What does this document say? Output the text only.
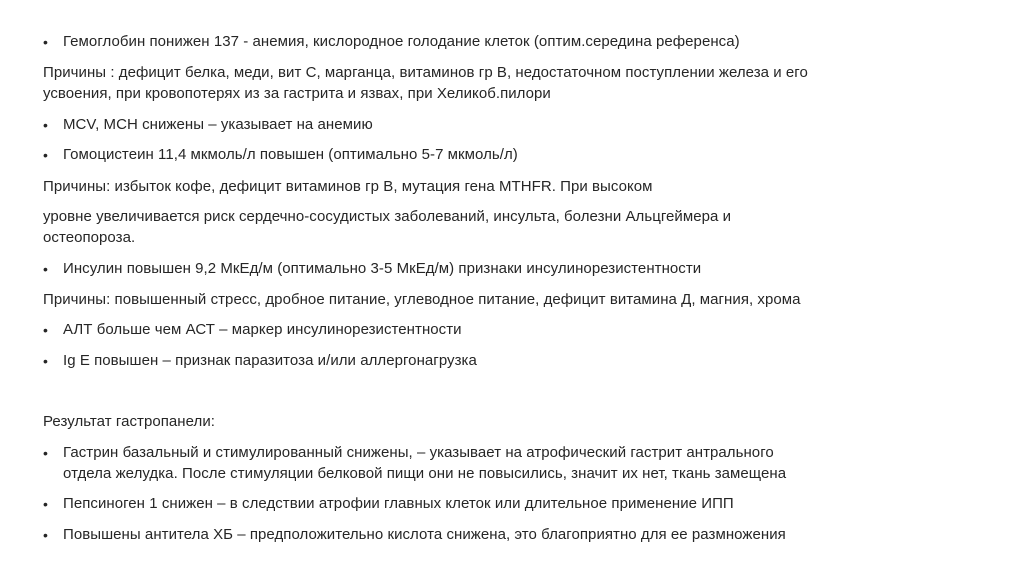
• Гемоглобин понижен 137 - анемия, кислородное голодание клеток (оптим.середина референса)
Причины : дефицит белка, меди, вит С, марганца, витаминов гр В, недостаточном поступлении железа и его
усвоения, при кровопотерях из за гастрита и язвах, при Хеликоб.пилори
• MCV, MCH снижены – указывает на анемию
• Гомоцистеин 11,4 мкмоль/л повышен (оптимально 5-7 мкмоль/л)
Причины: избыток кофе, дефицит витаминов гр В, мутация гена MTHFR. При высоком
уровне увеличивается риск сердечно-сосудистых заболеваний, инсульта, болезни Альцгеймера и
остеопороза.
• Инсулин повышен 9,2 МкЕд/м (оптимально 3-5 МкЕд/м) признаки инсулинорезистентности
Причины: повышенный стресс, дробное питание, углеводное питание, дефицит витамина Д, магния, хрома
• АЛТ больше чем АСТ – маркер инсулинорезистентности
• Ig E повышен – признак паразитоза и/или аллергонагрузка
Результат гастропанели:
• Гастрин базальный и стимулированный снижены, – указывает на атрофический гастрит антрального
отдела желудка. После стимуляции белковой пищи они не повысились, значит их нет, ткань замещена
• Пепсиноген 1 снижен – в следствии атрофии главных клеток или длительное применение ИПП
• Повышены антитела ХБ – предположительно кислота снижена, это благоприятно для ее размножения
